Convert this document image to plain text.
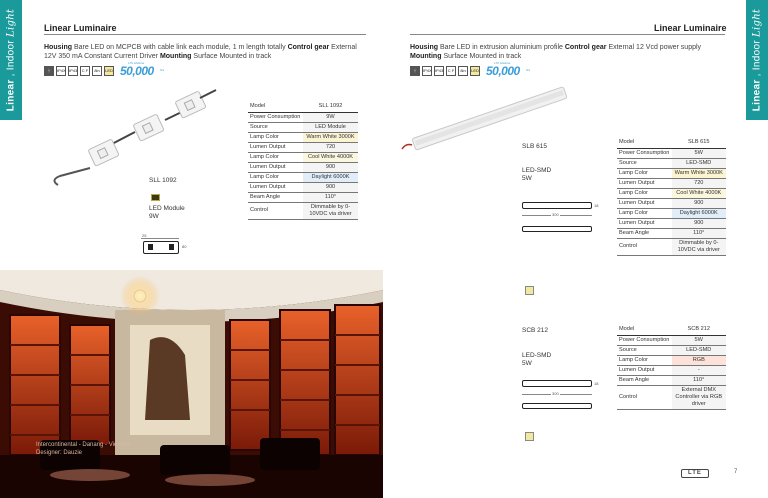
Linear , Indoor Light
Linear , Indoor Light
Linear Luminaire
Housing Bare LED on MCPCB with cable link each module, 1 m length totally Control gear External 12V 350 mA Constant Current Driver Mounting Surface Mounted in track
⏚	IP4X IP43	C F	8in	LED
L70 Lifetime
50,000 hrs
SLL 1092
LED Module
9W
25
80
Model	SLL 1092
Power Consumption	9W
Source	LED Module
Lamp Color	Warm White 3000K
Lumen Output	720
Lamp Color	Cool White 4000K
Lumen Output	900
Lamp Color	Daylight 6000K
Lumen Output	900
Beam Angle	110°
Control	Dimmable by 0-10VDC via driver
Intercontinental - Danang - Vietnam
Designer: Dauzie
Linear Luminaire
Housing Bare LED in extrusion aluminium profile Control gear External 12 Vcd power supply Mounting Surface Mounted in track
⏚	IP4X IP43	C F	8in	LED
L70 Lifetime
50,000 hrs
SLB 615
LED-SMD
5W
300
18
Model	SLB 615
Power Consumption	5W
Source	LED-SMD
Lamp Color	Warm White 3000K
Lumen Output	720
Lamp Color	Cool White 4000K
Lumen Output	900
Lamp Color	Daylight 6000K
Lumen Output	900
Beam Angle	110°
Control	Dimmable by 0-10VDC via driver
SCB 212
LED-SMD
5W
300
18
Model	SCB 212
Power Consumption	5W
Source	LED-SMD
Lamp Color	RGB
Lumen Output	-
Beam Angle	110°
Control	External DMX Controller via RGB driver
LTE	7
